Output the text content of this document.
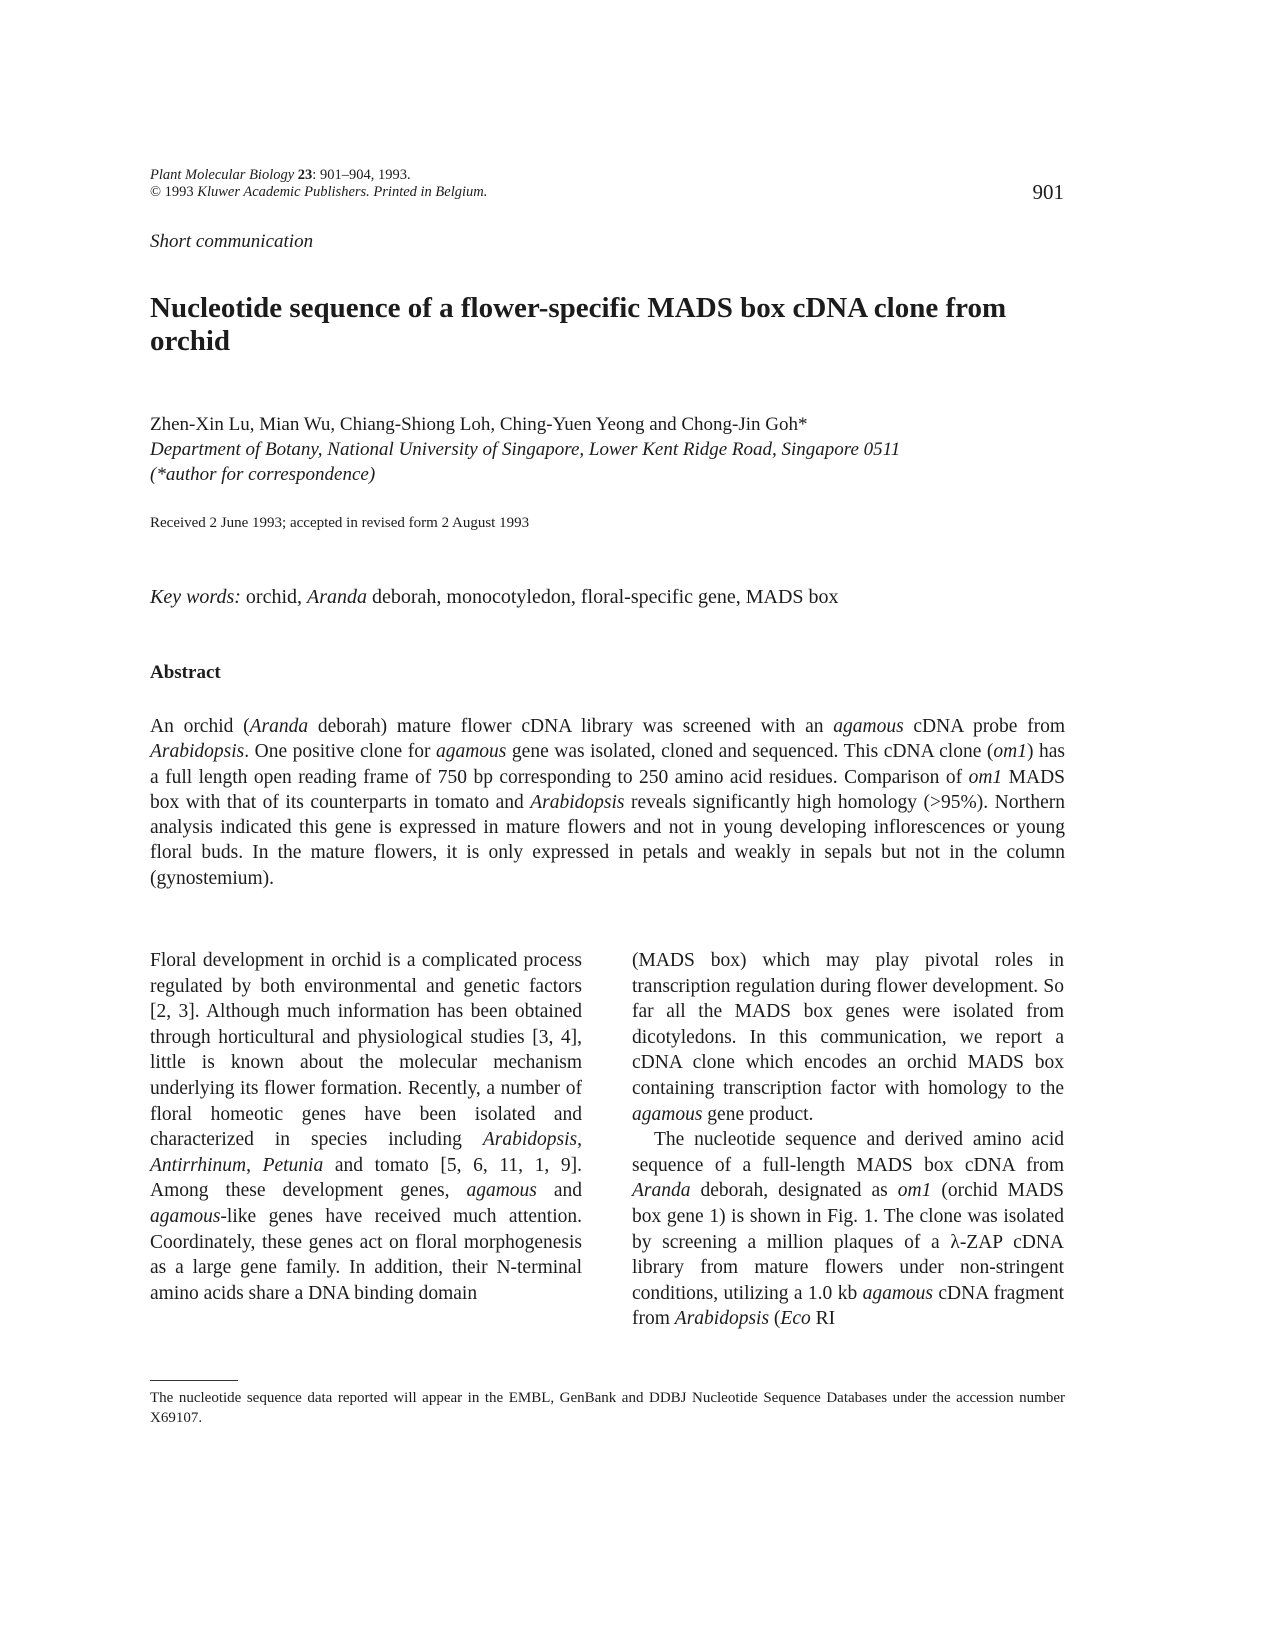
Plant Molecular Biology 23: 901–904, 1993.
© 1993 Kluwer Academic Publishers. Printed in Belgium.	901
Short communication
Nucleotide sequence of a flower-specific MADS box cDNA clone from orchid
Zhen-Xin Lu, Mian Wu, Chiang-Shiong Loh, Ching-Yuen Yeong and Chong-Jin Goh*
Department of Botany, National University of Singapore, Lower Kent Ridge Road, Singapore 0511
(*author for correspondence)
Received 2 June 1993; accepted in revised form 2 August 1993
Key words: orchid, Aranda deborah, monocotyledon, floral-specific gene, MADS box
Abstract
An orchid (Aranda deborah) mature flower cDNA library was screened with an agamous cDNA probe from Arabidopsis. One positive clone for agamous gene was isolated, cloned and sequenced. This cDNA clone (om1) has a full length open reading frame of 750 bp corresponding to 250 amino acid residues. Comparison of om1 MADS box with that of its counterparts in tomato and Arabidopsis reveals significantly high homology (>95%). Northern analysis indicated this gene is expressed in mature flowers and not in young developing inflorescences or young floral buds. In the mature flowers, it is only expressed in petals and weakly in sepals but not in the column (gynostemium).

Floral development in orchid is a complicated process regulated by both environmental and genetic factors [2, 3]. Although much information has been obtained through horticultural and physiological studies [3, 4], little is known about the molecular mechanism underlying its flower formation. Recently, a number of floral homeotic genes have been isolated and characterized in species including Arabidopsis, Antirrhinum, Petunia and tomato [5, 6, 11, 1, 9]. Among these development genes, agamous and agamous-like genes have received much attention. Coordinately, these genes act on floral morphogenesis as a large gene family. In addition, their N-terminal amino acids share a DNA binding domain

(MADS box) which may play pivotal roles in transcription regulation during flower development. So far all the MADS box genes were isolated from dicotyledons. In this communication, we report a cDNA clone which encodes an orchid MADS box containing transcription factor with homology to the agamous gene product.

The nucleotide sequence and derived amino acid sequence of a full-length MADS box cDNA from Aranda deborah, designated as om1 (orchid MADS box gene 1) is shown in Fig. 1. The clone was isolated by screening a million plaques of a λ-ZAP cDNA library from mature flowers under non-stringent conditions, utilizing a 1.0 kb agamous cDNA fragment from Arabidopsis (Eco RI

The nucleotide sequence data reported will appear in the EMBL, GenBank and DDBJ Nucleotide Sequence Databases under the accession number X69107.
